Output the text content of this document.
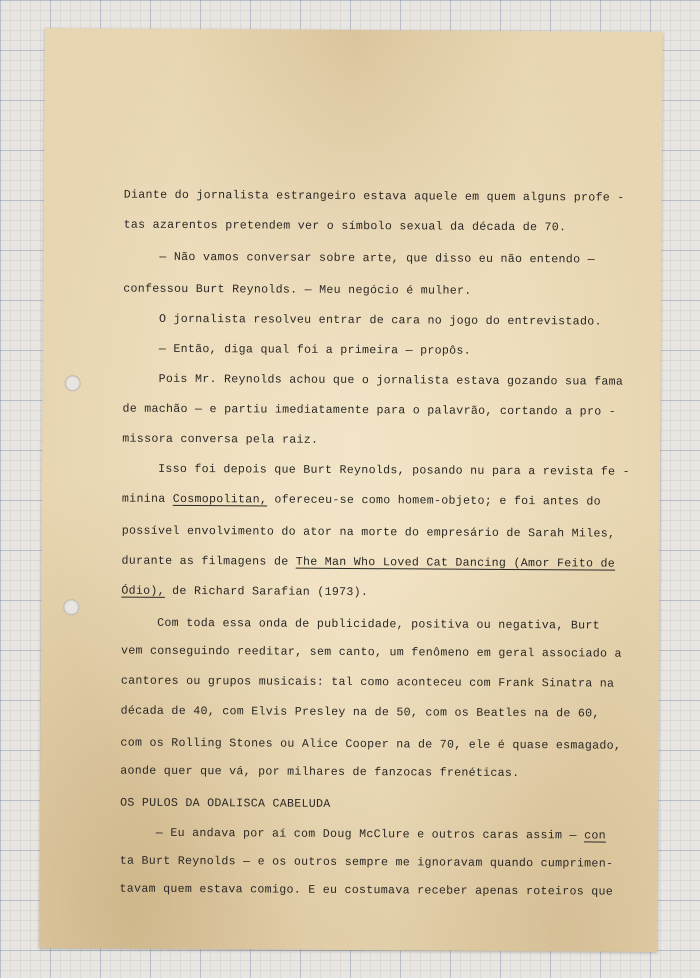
Diante do jornalista estrangeiro estava aquele em quem alguns profe -
tas azarentos pretendem ver o símbolo sexual da década de 70.
— Não vamos conversar sobre arte, que disso eu não entendo —
confessou Burt Reynolds. — Meu negócio é mulher.
O jornalista resolveu entrar de cara no jogo do entrevistado.
— Então, diga qual foi a primeira — propôs.
Pois Mr. Reynolds achou que o jornalista estava gozando sua fama
de machão — e partiu imediatamente para o palavrão, cortando a pro -
missora conversa pela raiz.
Isso foi depois que Burt Reynolds, posando nu para a revista fe -
minina Cosmopolitan, ofereceu-se como homem-objeto; e foi antes do
possível envolvimento do ator na morte do empresário de Sarah Miles,
durante as filmagens de The Man Who Loved Cat Dancing (Amor Feito de
Ódio), de Richard Sarafian (1973).
Com toda essa onda de publicidade, positiva ou negativa, Burt
vem conseguindo reeditar, sem canto, um fenômeno em geral associado a
cantores ou grupos musicais: tal como aconteceu com Frank Sinatra na
década de 40, com Elvis Presley na de 50, com os Beatles na de 60,
com os Rolling Stones ou Alice Cooper na de 70, ele é quase esmagado,
aonde quer que vá, por milhares de fanzocas frenéticas.
OS PULOS DA ODALISCA CABELUDA
— Eu andava por aí com Doug McClure e outros caras assim — con
ta Burt Reynolds — e os outros sempre me ignoravam quando cumprimen-
tavam quem estava comigo. E eu costumava receber apenas roteiros que
